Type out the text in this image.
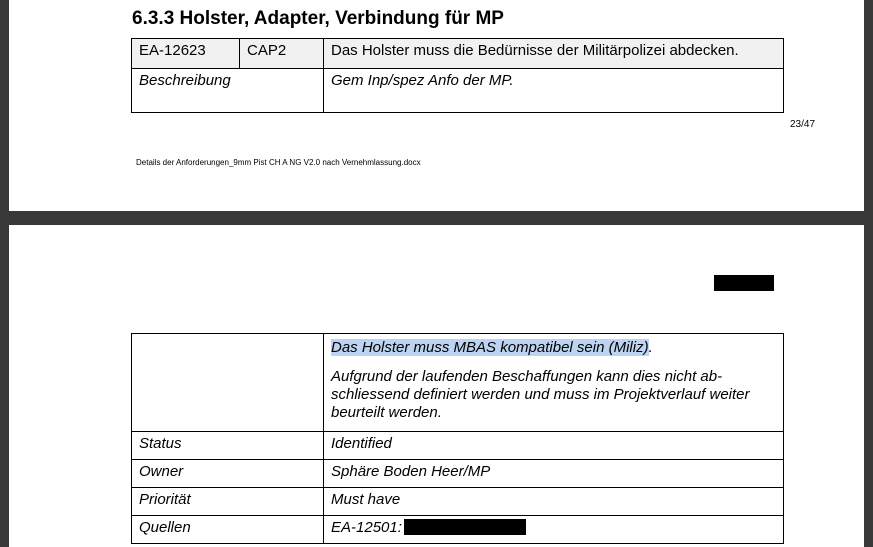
6.3.3 Holster, Adapter, Verbindung für MP
EA-12623	CAP2	Das Holster muss die Bedürnisse der Militärpolizei abdecken.
Beschreibung		Gem Inp/spez Anfo der MP.
23/47
Details der Anforderungen_9mm Pist CH A NG V2.0 nach Vernehmlassung.docx
	Das Holster muss MBAS kompatibel sein (Miliz).
Aufgrund der laufenden Beschaffungen kann dies nicht ab-schliessend definiert werden und muss im Projektverlauf weiter beurteilt werden.

Status	Identified
Owner	Sphäre Boden Heer/MP
Priorität	Must have
Quellen	EA-12501:
